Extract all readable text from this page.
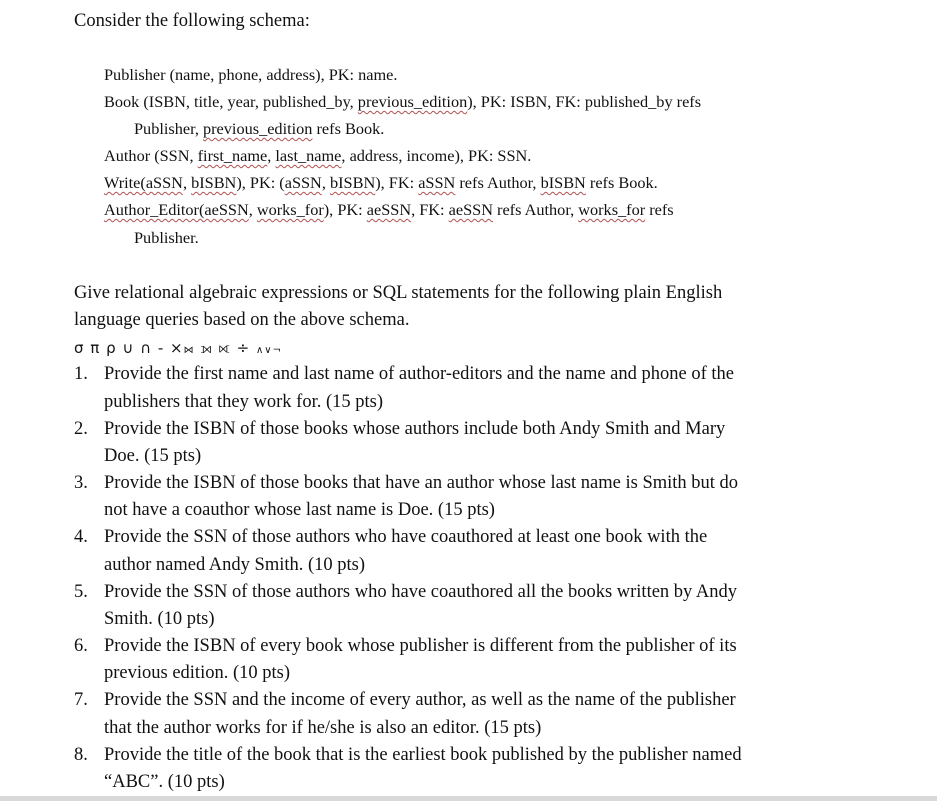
Consider the following schema:
Publisher (name, phone, address), PK: name.
Book (ISBN, title, year, published_by, previous_edition), PK: ISBN, FK: published_by refs
Publisher, previous_edition refs Book.
Author (SSN, first_name, last_name, address, income), PK: SSN.
Write(aSSN, bISBN), PK: (aSSN, bISBN), FK: aSSN refs Author, bISBN refs Book.
Author_Editor(aeSSN, works_for), PK: aeSSN, FK: aeSSN refs Author, works_for refs
Publisher.
Give relational algebraic expressions or SQL statements for the following plain English
language queries based on the above schema.
σ π ρ ∪ ∩ - ×⋈ ⟕ ⟖ ÷ ∧∨¬
1. Provide the first name and last name of author-editors and the name and phone of the
publishers that they work for. (15 pts)
2. Provide the ISBN of those books whose authors include both Andy Smith and Mary
Doe. (15 pts)
3. Provide the ISBN of those books that have an author whose last name is Smith but do
not have a coauthor whose last name is Doe. (15 pts)
4. Provide the SSN of those authors who have coauthored at least one book with the
author named Andy Smith. (10 pts)
5. Provide the SSN of those authors who have coauthored all the books written by Andy
Smith. (10 pts)
6. Provide the ISBN of every book whose publisher is different from the publisher of its
previous edition. (10 pts)
7. Provide the SSN and the income of every author, as well as the name of the publisher
that the author works for if he/she is also an editor. (15 pts)
8. Provide the title of the book that is the earliest book published by the publisher named
“ABC”. (10 pts)
